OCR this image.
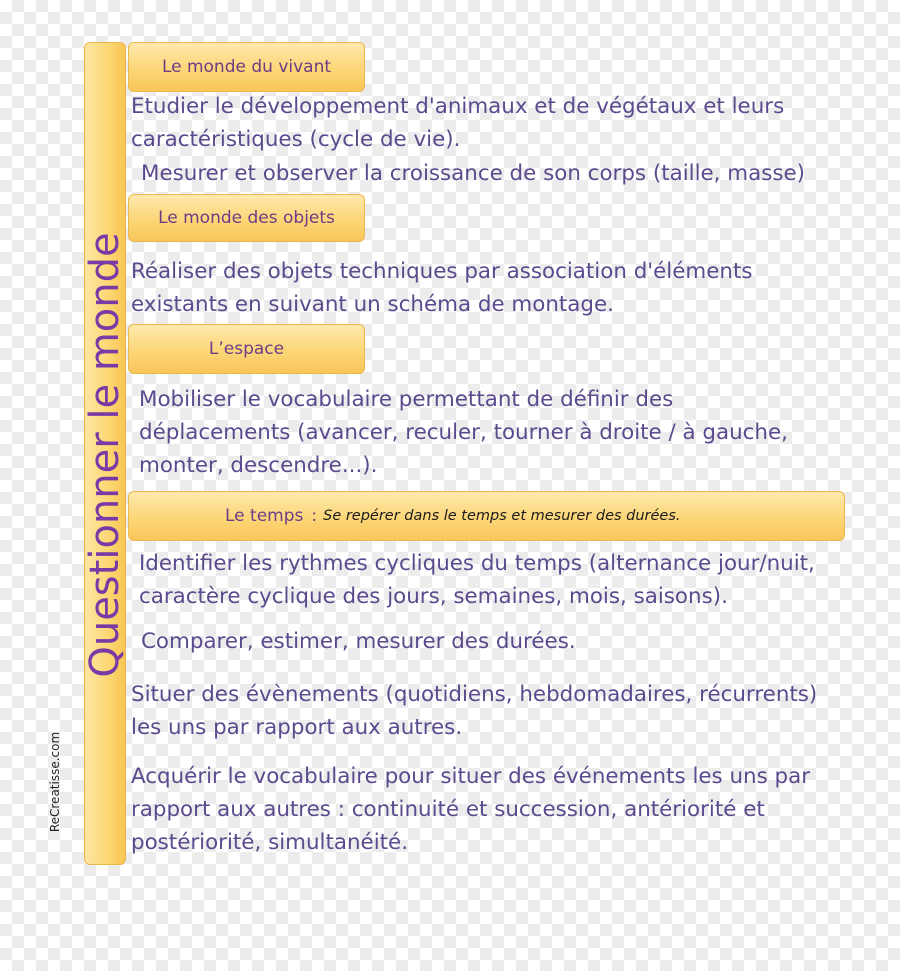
Questionner le monde
ReCreatisse.com
Le monde du vivant
Etudier le développement d'animaux et de végétaux et leurs
caractéristiques (cycle de vie).
Mesurer et observer la croissance de son corps (taille, masse)
Le monde des objets
Réaliser des objets techniques par association d'éléments
existants en suivant un schéma de montage.
L’espace
Mobiliser le vocabulaire permettant de définir des
déplacements (avancer, reculer, tourner à droite / à gauche,
monter, descendre...).
Le temps : Se repérer dans le temps et mesurer des durées.
Identifier les rythmes cycliques du temps (alternance jour/nuit,
caractère cyclique des jours, semaines, mois, saisons).
Comparer, estimer, mesurer des durées.
Situer des évènements (quotidiens, hebdomadaires, récurrents)
les uns par rapport aux autres.
Acquérir le vocabulaire pour situer des événements les uns par
rapport aux autres : continuité et succession, antériorité et
postériorité, simultanéité.
